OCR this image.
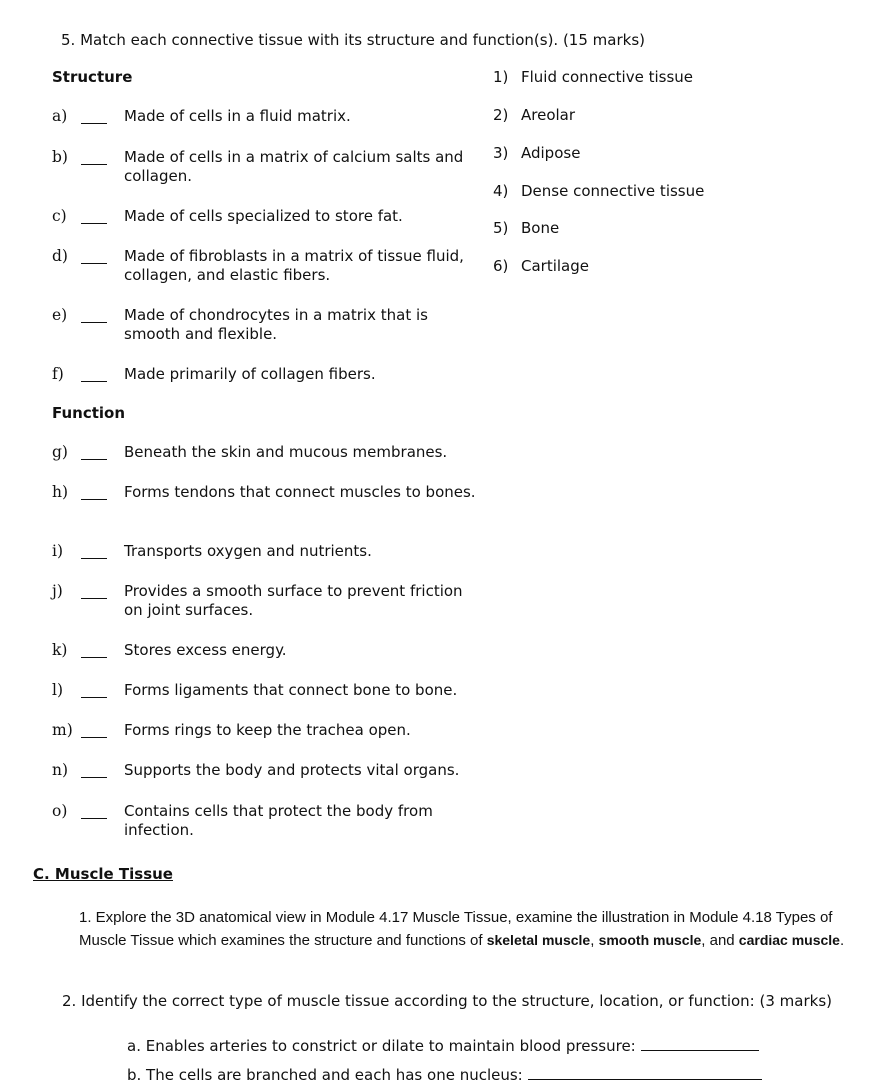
5. Match each connective tissue with its structure and function(s). (15 marks)
Structure
a)	Made of cells in a fluid matrix.
b)	Made of cells in a matrix of calcium salts and collagen.
c)	Made of cells specialized to store fat.
d)	Made of fibroblasts in a matrix of tissue fluid, collagen, and elastic fibers.
e)	Made of chondrocytes in a matrix that is smooth and flexible.
f)	Made primarily of collagen fibers.
Function
g)	Beneath the skin and mucous membranes.
h)	Forms tendons that connect muscles to bones.
i)	Transports oxygen and nutrients.
j)	Provides a smooth surface to prevent friction on joint surfaces.
k)	Stores excess energy.
l)	Forms ligaments that connect bone to bone.
m)	Forms rings to keep the trachea open.
n)	Supports the body and protects vital organs.
o)	Contains cells that protect the body from infection.
1) Fluid connective tissue
2) Areolar
3) Adipose
4) Dense connective tissue
5) Bone
6) Cartilage
C. Muscle Tissue
1. Explore the 3D anatomical view in Module 4.17 Muscle Tissue, examine the illustration in Module 4.18 Types of Muscle Tissue which examines the structure and functions of skeletal muscle, smooth muscle, and cardiac muscle.
2. Identify the correct type of muscle tissue according to the structure, location, or function: (3 marks)
a. Enables arteries to constrict or dilate to maintain blood pressure:
b. The cells are branched and each has one nucleus:
